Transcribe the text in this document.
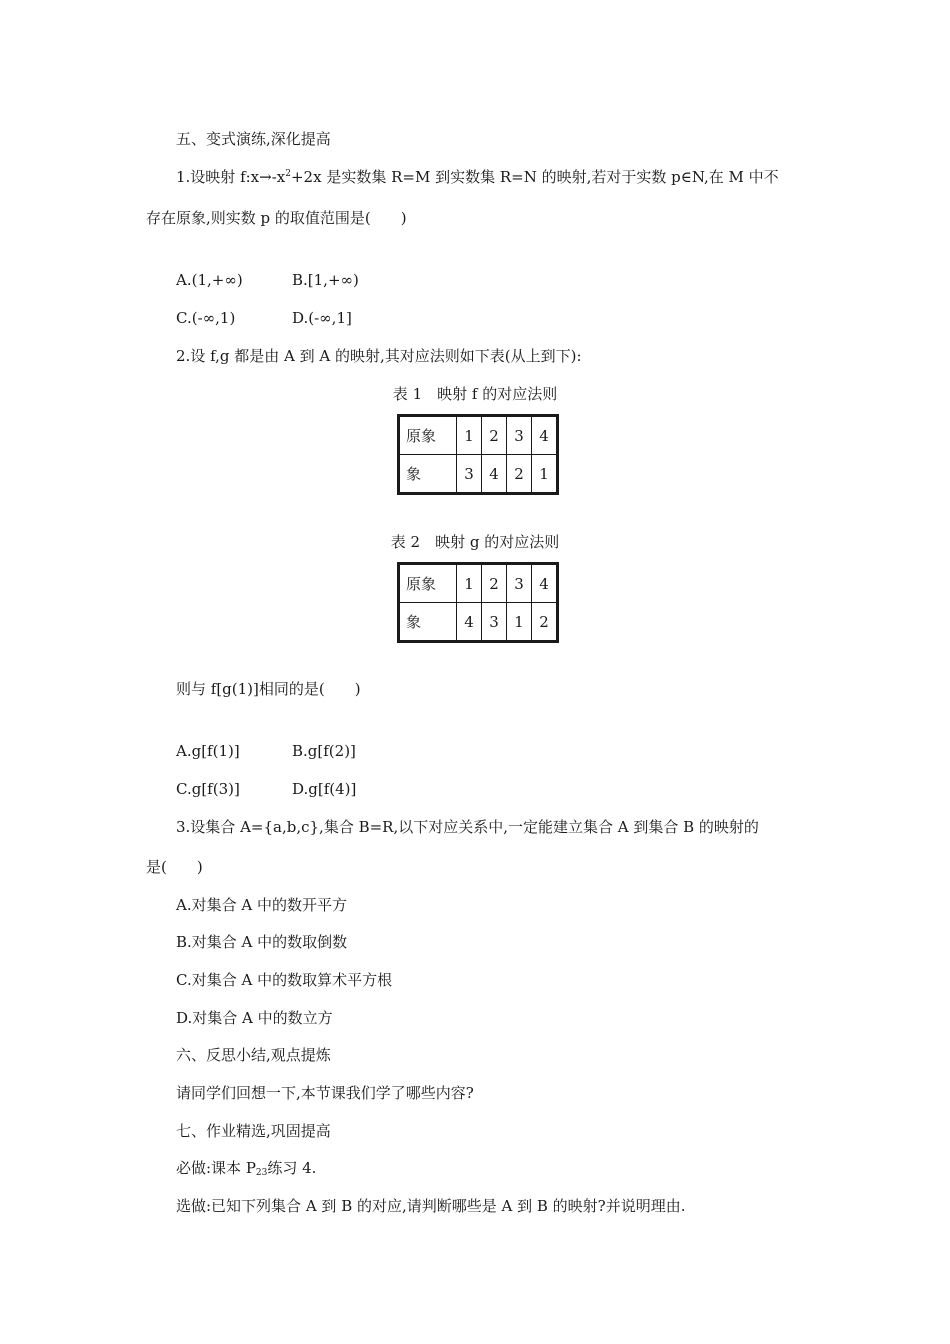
五、变式演练,深化提高
1.设映射 $f:x\to-x^2+2x$ 是实数集 R=M 到实数集 R=N 的映射,若对于实数 p∈N,在 M 中不
存在原象,则实数 p 的取值范围是(　　)
A.(1,+∞)	B.[1,+∞)
C.(-∞,1)	D.(-∞,1]
2.设 f,g 都是由 A 到 A 的映射,其对应法则如下表(从上到下):
表 1　映射 f 的对应法则
原象	1	2	3	4
象	3	4	2	1
表 2　映射 g 的对应法则
原象	1	2	3	4
象	4	3	1	2
则与 f[g(1)]相同的是(　　)
A.g[f(1)]	B.g[f(2)]
C.g[f(3)]	D.g[f(4)]
3.设集合 A={a,b,c},集合 B=R,以下对应关系中,一定能建立集合 A 到集合 B 的映射的
是(　　)
A.对集合 A 中的数开平方
B.对集合 A 中的数取倒数
C.对集合 A 中的数取算术平方根
D.对集合 A 中的数立方
六、反思小结,观点提炼
请同学们回想一下,本节课我们学了哪些内容?
七、作业精选,巩固提高
必做:课本 $P_{23}$练习 4.
选做:已知下列集合 A 到 B 的对应,请判断哪些是 A 到 B 的映射?并说明理由.
